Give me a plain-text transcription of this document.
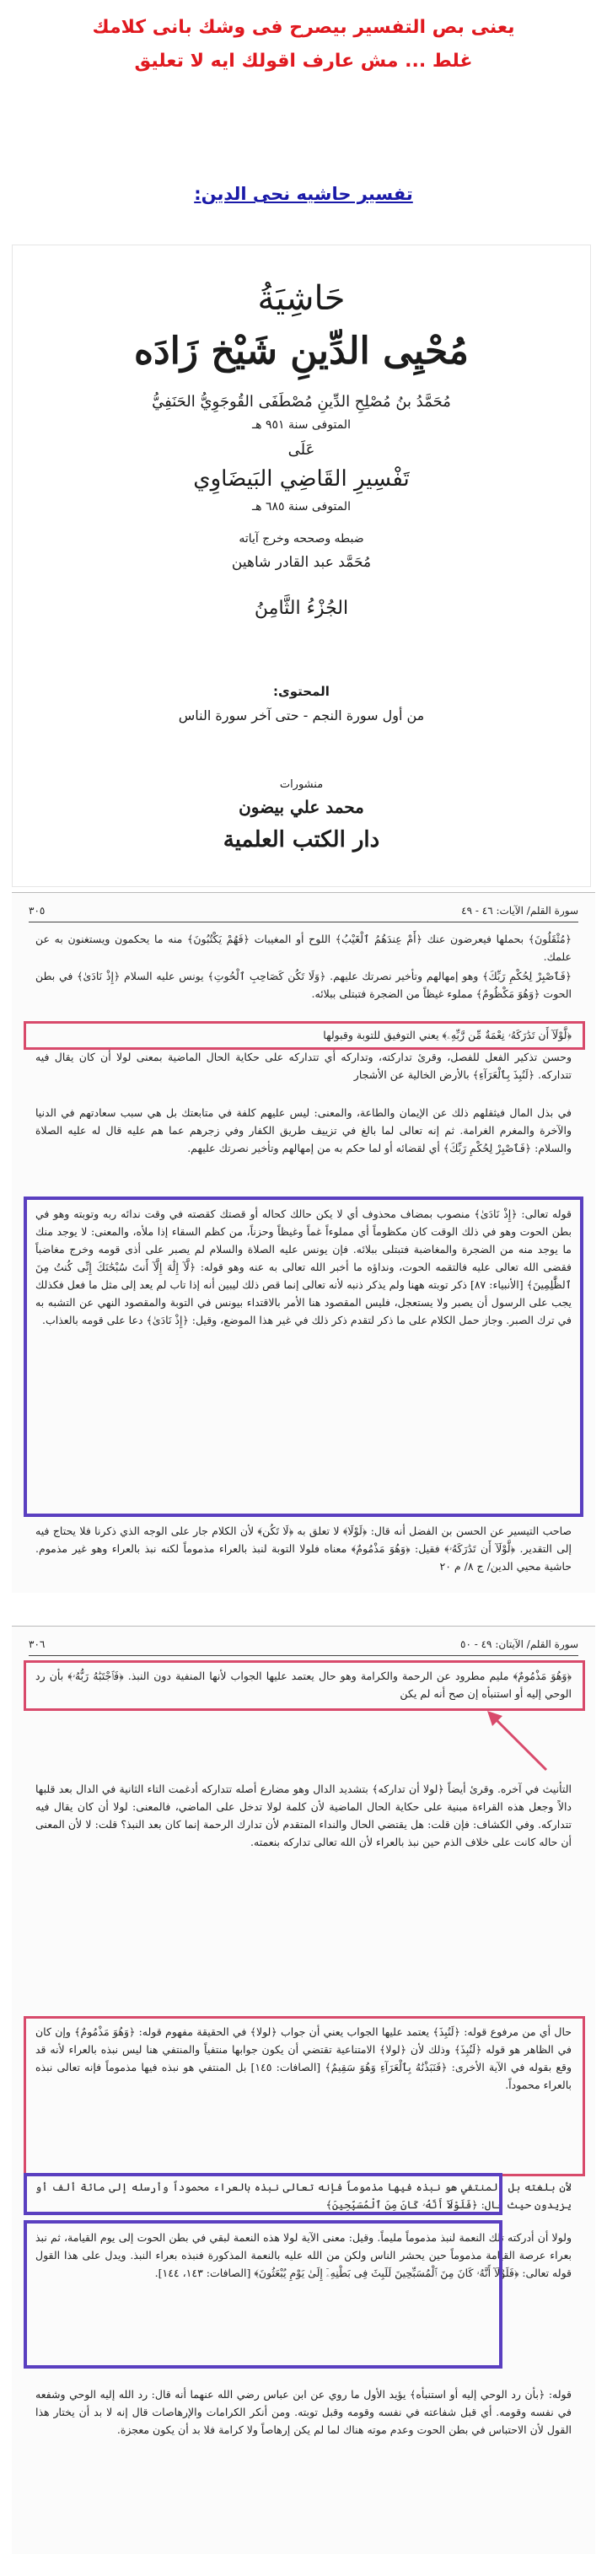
يعنى بص التفسير بيصرح فى وشك بانى كلامك
غلط ... مش عارف اقولك ايه لا تعليق
تفسير حاشيه نحى الدين:
حَاشِيَةُ
مُحْيِى الدِّينِ شَيْخ زَادَه
مُحَمَّدُ بنُ مُصْلِحِ الدِّينِ مُصْطَفَى القُوجَوِيُّ الحَنَفِيُّ
المتوفى سنة ٩٥١ هـ
عَلَى
تَفْسِيرِ القَاضِي البَيضَاوِي
المتوفى سنة ٦٨٥ هـ
ضبطه وصححه وخرج آياته
مُحَمَّد عبد القادر شاهين
الجُزْءُ الثَّامِنُ
المحتوى:
من أول سورة النجم - حتى آخر سورة الناس
منشورات
محمد علي بيضون
دار الكتب العلمية
سورة القلم/ الآيات: ٤٦ - ٤٩
٣٠٥
﴿مُثْقَلُونَ﴾ بحملها فيعرضون عنك ﴿أَمْ عِندَهُمُ ٱلْغَيْبُ﴾ اللوح أو المغيبات ﴿فَهُمْ يَكْتُبُونَ﴾ منه ما يحكمون ويستغنون به عن علمك.
﴿فَٱصْبِرْ لِحُكْمِ رَبِّكَ﴾ وهو إمهالهم وتأخير نصرتك عليهم. ﴿وَلَا تَكُن كَصَاحِبِ ٱلْحُوتِ﴾ يونس عليه السلام ﴿إِذْ نَادَىٰ﴾ في بطن الحوت ﴿وَهُوَ مَكْظُومٌ﴾ مملوء غيظاً من الضجرة فتبتلى ببلائه.
﴿لَّوْلَآ أَن تَدَٰرَكَهُۥ نِعْمَةٌ مِّن رَّبِّهِۦ﴾ يعني التوفيق للتوبة وقبولها
وحسن تذكير الفعل للفصل، وقرئ تداركته، وتداركه أي تتداركه على حكاية الحال الماضية بمعنى لولا أن كان يقال فيه تتداركه. ﴿لَنُبِذَ بِٱلْعَرَآءِ﴾ بالأرض الخالية عن الأشجار
في بذل المال فيثقلهم ذلك عن الإيمان والطاعة، والمعنى: ليس عليهم كلفة في متابعتك بل هي سبب سعادتهم في الدنيا والآخرة والمغرم الغرامة. ثم إنه تعالى لما بالغ في تزييف طريق الكفار وفي زجرهم عما هم عليه قال له عليه الصلاة والسلام: ﴿فَٱصْبِرْ لِحُكْمِ رَبِّكَ﴾ أي لقضائه أو لما حكم به من إمهالهم وتأخير نصرتك عليهم.
قوله تعالى: ﴿إِذْ نَادَىٰ﴾ منصوب بمضاف محذوف أي لا يكن حالك كحاله أو قصتك كقصته في وقت ندائه ربه وتوبته وهو في بطن الحوت وهو في ذلك الوقت كان مكظوماً أي مملوءاً غماً وغيظاً وحزناً، من كظم السقاء إذا ملأه، والمعنى: لا يوجد منك ما يوجد منه من الضجرة والمغاضبة فتبتلى ببلائه. فإن يونس عليه الصلاة والسلام لم يصبر على أذى قومه وخرج مغاضباً فقضى الله تعالى عليه فالتقمه الحوت، ونداؤه ما أخبر الله تعالى به عنه وهو قوله: ﴿لَّآ إِلَٰهَ إِلَّآ أَنتَ سُبْحَٰنَكَ إِنِّى كُنتُ مِنَ ٱلظَّٰلِمِينَ﴾ [الأنبياء: ٨٧] ذكر توبته ههنا ولم يذكر ذنبه لأنه تعالى إنما قص ذلك ليبين أنه إذا تاب لم يعد إلى مثل ما فعل فكذلك يجب على الرسول أن يصبر ولا يستعجل، فليس المقصود هنا الأمر بالاقتداء بيونس في التوبة والمقصود النهي عن التشبه به في ترك الصبر. وجاز حمل الكلام على ما ذكر لتقدم ذكر ذلك في غير هذا الموضع، وقيل: ﴿إِذْ نَادَىٰ﴾ دعا على قومه بالعذاب.
صاحب التيسير عن الحسن بن الفضل أنه قال: ﴿لَوْلَا﴾ لا تعلق به ﴿لَا تَكُن﴾ لأن الكلام جار على الوجه الذي ذكرنا فلا يحتاج فيه إلى التقدير. ﴿لَّوْلَآ أَن تَدَٰرَكَهُۥ﴾ فقيل: ﴿وَهُوَ مَذْمُومٌ﴾ معناه فلولا التوبة لنبذ بالعراء مذموماً لكنه نبذ بالعراء وهو غير مذموم. حاشية محيي الدين/ ج ٨/ م ٢٠
سورة القلم/ الآيتان: ٤٩ - ٥٠
٣٠٦
﴿وَهُوَ مَذْمُومٌ﴾ مليم مطرود عن الرحمة والكرامة وهو حال يعتمد عليها الجواب لأنها المنفية دون النبذ. ﴿فَٱجْتَبَٰهُ رَبُّهُۥ﴾ بأن رد الوحي إليه أو استنبأه إن صح أنه لم يكن
التأنيث في آخره. وقرئ أيضاً ﴿لولا أن تداركه﴾ بتشديد الدال وهو مضارع أصله تتداركه أدغمت التاء الثانية في الدال بعد قلبها دالاً وجعل هذه القراءة مبنية على حكاية الحال الماضية لأن كلمة لولا تدخل على الماضي، فالمعنى: لولا أن كان يقال فيه تتداركه. وفي الكشاف: فإن قلت: هل يقتضي الحال والنداء المتقدم لأن تدارك الرحمة إنما كان بعد النبذ؟ قلت: لا لأن المعنى أن حاله كانت على خلاف الذم حين نبذ بالعراء لأن الله تعالى تداركه بنعمته.
حال أي من مرفوع قوله: ﴿لَنُبِذَ﴾ يعتمد عليها الجواب يعني أن جواب ﴿لولا﴾ في الحقيقة مفهوم قوله: ﴿وَهُوَ مَذْمُومٌ﴾ وإن كان في الظاهر هو قوله ﴿لَنُبِذَ﴾ وذلك لأن ﴿لولا﴾ الامتناعية تقتضي أن يكون جوابها منتفياً والمنتفي هنا ليس نبذه بالعراء لأنه قد وقع بقوله في الآية الأخرى: ﴿فَنَبَذْنَٰهُ بِٱلْعَرَآءِ وَهُوَ سَقِيمٌ﴾ [الصافات: ١٤٥] بل المنتفي هو نبذه فيها مذموماً فإنه تعالى نبذه بالعراء محموداً.
لأن بلغته بل المنتفي هو نبذه فيها مذموماً فإنه تعالى نبذه بالعراء محموداً وأرسله إلى مائة ألف أو يزيدون حيث قال: ﴿فَلَوْلَآ أَنَّهُۥ كَانَ مِنَ ٱلْمُسَبِّحِينَ﴾
ولولا أن أدركته تلك النعمة لنبذ مذموماً مليماً. وقيل: معنى الآية لولا هذه النعمة لبقي في بطن الحوت إلى يوم القيامة، ثم نبذ بعراء عرصة القيامة مذموماً حين يحشر الناس ولكن من الله عليه بالنعمة المذكورة فنبذه بعراء النبذ. ويدل على هذا القول قوله تعالى: ﴿فَلَوْلَآ أَنَّهُۥ كَانَ مِنَ ٱلْمُسَبِّحِينَ لَلَبِثَ فِى بَطْنِهِۦٓ إِلَىٰ يَوْمِ يُبْعَثُونَ﴾ [الصافات: ١٤٣، ١٤٤].
قوله: ﴿بأن رد الوحي إليه أو استنبأه﴾ يؤيد الأول ما روي عن ابن عباس رضي الله عنهما أنه قال: رد الله إليه الوحي وشفعه في نفسه وقومه. أي قبل شفاعته في نفسه وقومه وقبل توبته. ومن أنكر الكرامات والإرهاصات قال إنه لا بد أن يختار هذا القول لأن الاحتباس في بطن الحوت وعدم موته هناك لما لم يكن إرهاصاً ولا كرامة فلا بد أن يكون معجزة.
